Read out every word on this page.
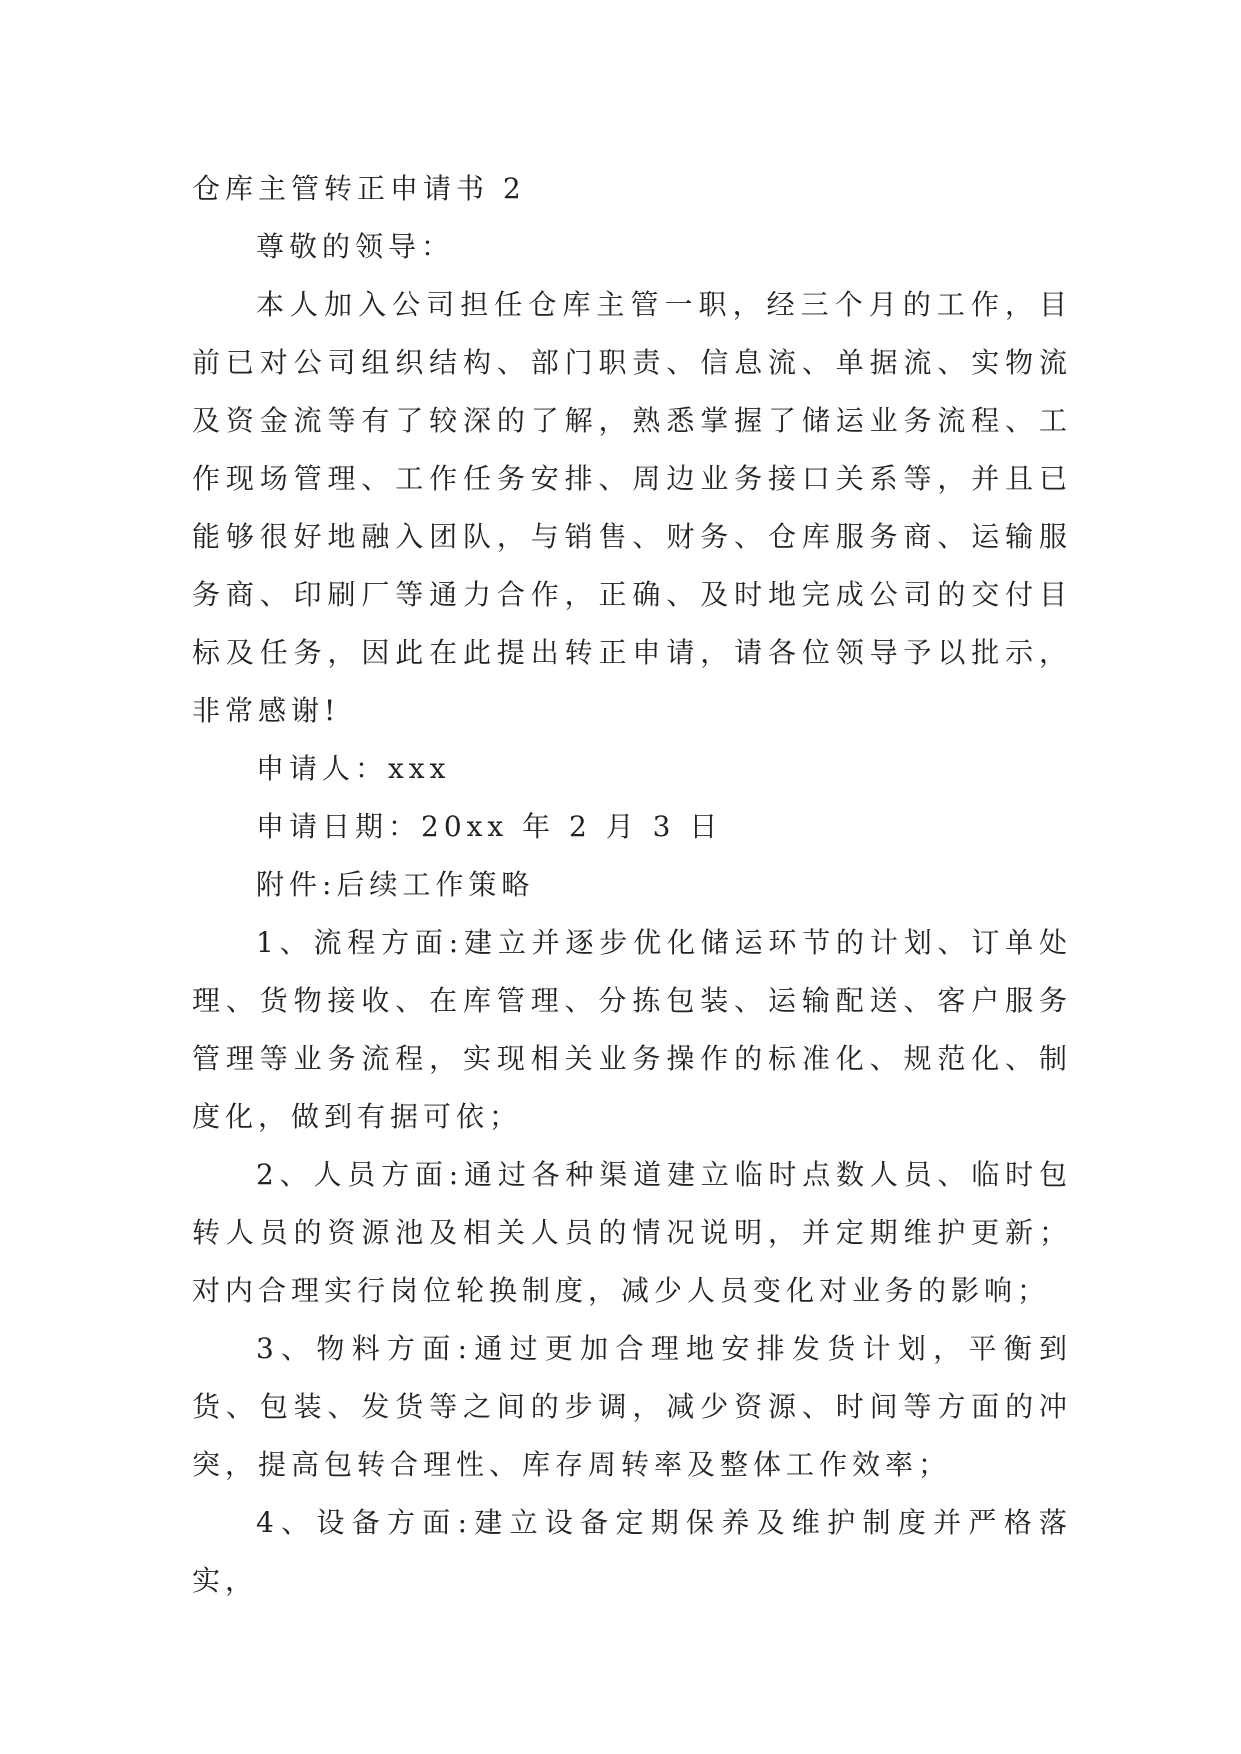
仓库主管转正申请书 2

尊敬的领导：

本人加入公司担任仓库主管一职，经三个月的工作，目前已对公司组织结构、部门职责、信息流、单据流、实物流及资金流等有了较深的了解，熟悉掌握了储运业务流程、工作现场管理、工作任务安排、周边业务接口关系等，并且已能够很好地融入团队，与销售、财务、仓库服务商、运输服务商、印刷厂等通力合作，正确、及时地完成公司的交付目标及任务，因此在此提出转正申请，请各位领导予以批示，非常感谢!

申请人：xxx

申请日期：20xx 年 2 月 3 日

附件:后续工作策略

1、流程方面:建立并逐步优化储运环节的计划、订单处理、货物接收、在库管理、分拣包装、运输配送、客户服务管理等业务流程，实现相关业务操作的标准化、规范化、制度化，做到有据可依；

2、人员方面:通过各种渠道建立临时点数人员、临时包转人员的资源池及相关人员的情况说明，并定期维护更新；对内合理实行岗位轮换制度，减少人员变化对业务的影响；

3、物料方面:通过更加合理地安排发货计划，平衡到货、包装、发货等之间的步调，减少资源、时间等方面的冲突，提高包转合理性、库存周转率及整体工作效率；

4、设备方面:建立设备定期保养及维护制度并严格落实，
